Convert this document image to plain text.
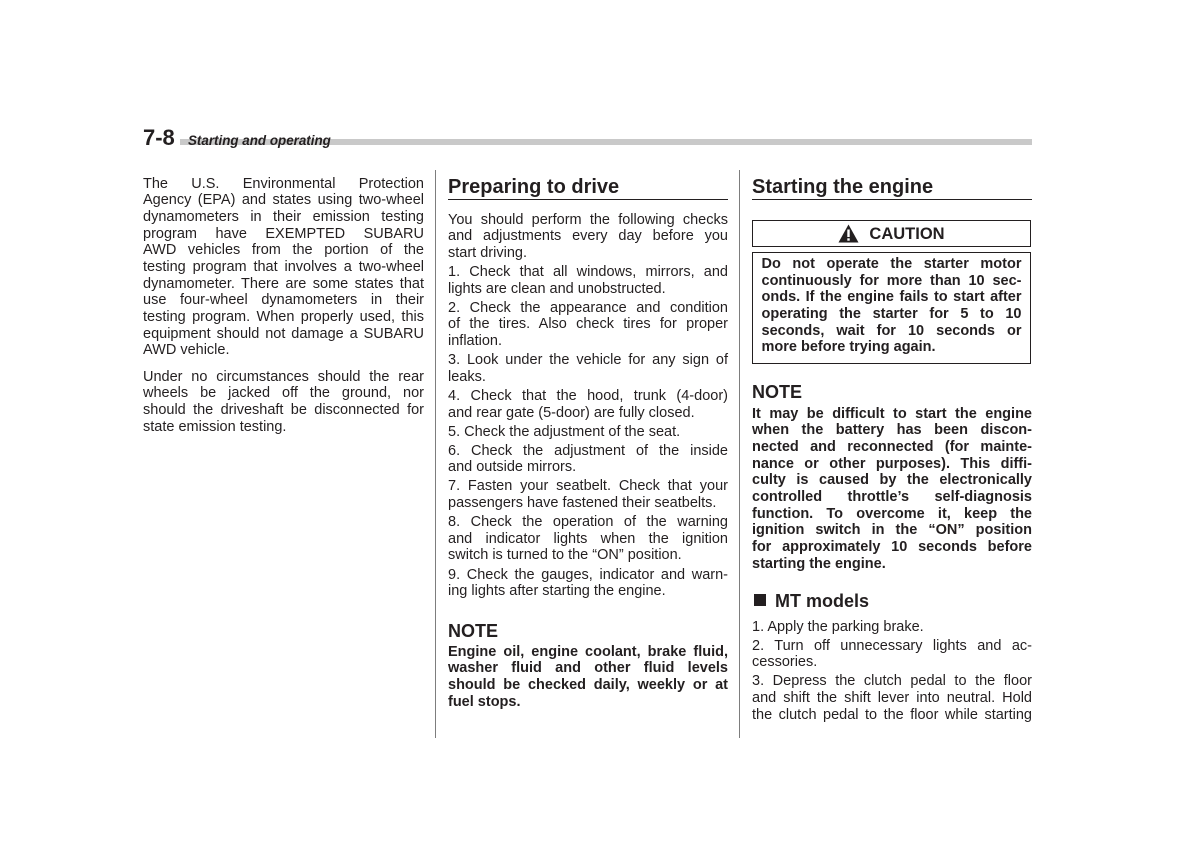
7-8 Starting and operating
The U.S. Environmental Protection
Agency (EPA) and states using two-wheel
dynamometers in their emission testing
program have EXEMPTED SUBARU
AWD vehicles from the portion of the
testing program that involves a two-wheel
dynamometer. There are some states that
use four-wheel dynamometers in their
testing program. When properly used, this
equipment should not damage a SUBARU
AWD vehicle.
Under no circumstances should the rear
wheels be jacked off the ground, nor
should the driveshaft be disconnected for
state emission testing.
Preparing to drive
You should perform the following checks
and adjustments every day before you
start driving.
1. Check that all windows, mirrors, and
lights are clean and unobstructed.
2. Check the appearance and condition
of the tires. Also check tires for proper
inflation.
3. Look under the vehicle for any sign of
leaks.
4. Check that the hood, trunk (4-door)
and rear gate (5-door) are fully closed.
5. Check the adjustment of the seat.
6. Check the adjustment of the inside
and outside mirrors.
7. Fasten your seatbelt. Check that your
passengers have fastened their seatbelts.
8. Check the operation of the warning
and indicator lights when the ignition
switch is turned to the “ON” position.
9. Check the gauges, indicator and warn-
ing lights after starting the engine.
NOTE
Engine oil, engine coolant, brake fluid,
washer fluid and other fluid levels
should be checked daily, weekly or at
fuel stops.
Starting the engine
CAUTION
Do not operate the starter motor
continuously for more than 10 sec-
onds. If the engine fails to start after
operating the starter for 5 to 10
seconds, wait for 10 seconds or
more before trying again.
NOTE
It may be difficult to start the engine
when the battery has been discon-
nected and reconnected (for mainte-
nance or other purposes). This diffi-
culty is caused by the electronically
controlled throttle’s self-diagnosis
function. To overcome it, keep the
ignition switch in the “ON” position
for approximately 10 seconds before
starting the engine.
MT models
1. Apply the parking brake.
2. Turn off unnecessary lights and ac-
cessories.
3. Depress the clutch pedal to the floor
and shift the shift lever into neutral. Hold
the clutch pedal to the floor while starting
